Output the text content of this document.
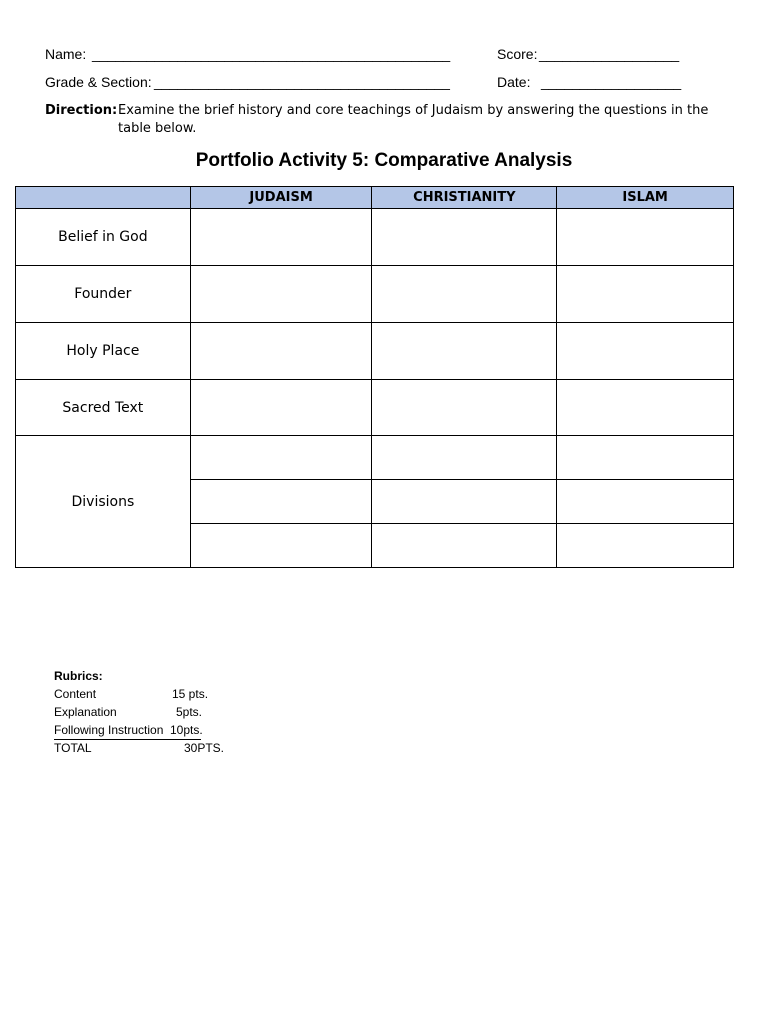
Name: ______________________________________________	Score: __________________
Grade & Section: ______________________________________	Date: __________________
Direction: Examine the brief history and core teachings of Judaism by answering the questions in the table below.
Portfolio Activity 5: Comparative Analysis
	JUDAISM	CHRISTIANITY	ISLAM
Belief in God			
Founder			
Holy Place			
Sacred Text			
Divisions			

Rubrics:
Content	15 pts.
Explanation	5pts.
Following Instruction 10pts.
TOTAL	30PTS.
